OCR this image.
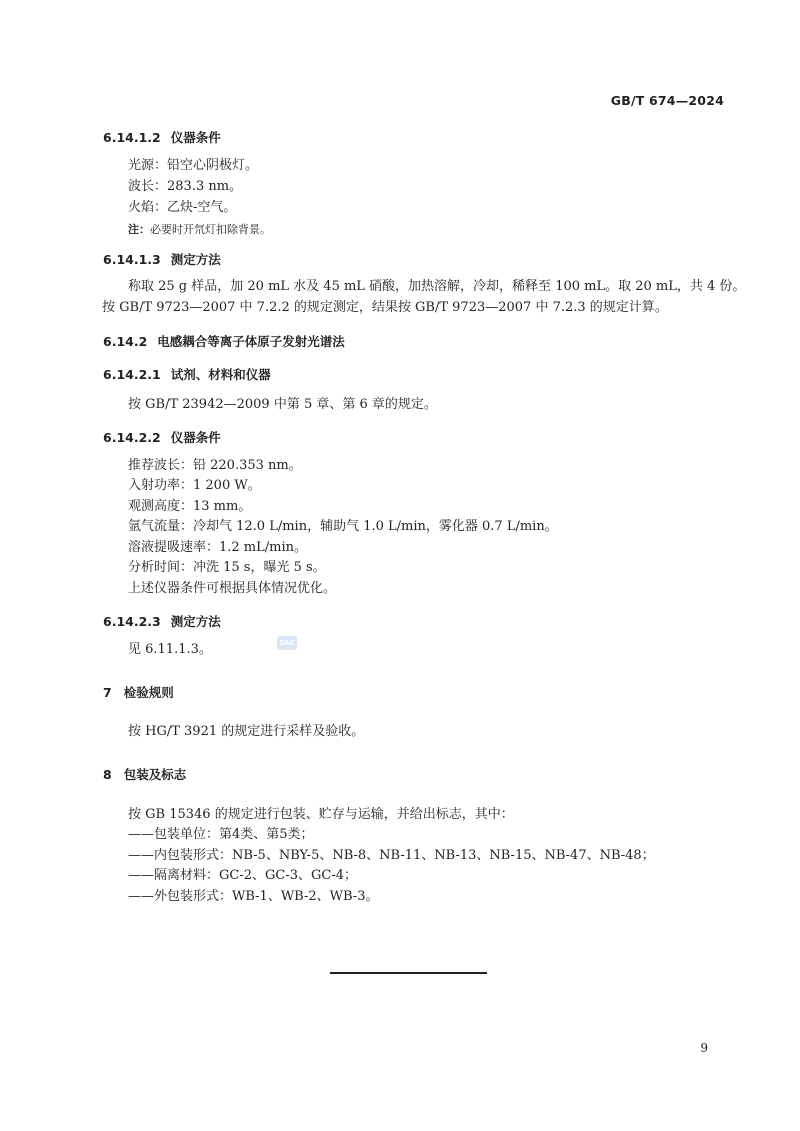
GB/T 674—2024
6.14.1.2 仪器条件
光源：铅空心阴极灯。
波长：283.3 nm。
火焰：乙炔-空气。
注：必要时开氘灯扣除背景。
6.14.1.3 测定方法
称取 25 g 样品，加 20 mL 水及 45 mL 硝酸，加热溶解，冷却，稀释至 100 mL。取 20 mL，共 4 份。
按 GB/T 9723—2007 中 7.2.2 的规定测定，结果按 GB/T 9723—2007 中 7.2.3 的规定计算。
6.14.2 电感耦合等离子体原子发射光谱法
6.14.2.1 试剂、材料和仪器
按 GB/T 23942—2009 中第 5 章、第 6 章的规定。
6.14.2.2 仪器条件
推荐波长：铅 220.353 nm。
入射功率：1 200 W。
观测高度：13 mm。
氩气流量：冷却气 12.0 L/min，辅助气 1.0 L/min，雾化器 0.7 L/min。
溶液提吸速率：1.2 mL/min。
分析时间：冲洗 15 s，曝光 5 s。
上述仪器条件可根据具体情况优化。
6.14.2.3 测定方法
见 6.11.1.3。	SAC
7 检验规则
按 HG/T 3921 的规定进行采样及验收。
8 包装及标志
按 GB 15346 的规定进行包装、贮存与运输，并给出标志，其中：
——包装单位：第4类、第5类；
——内包装形式：NB-5、NBY-5、NB-8、NB-11、NB-13、NB-15、NB-47、NB-48；
——隔离材料：GC-2、GC-3、GC-4；
——外包装形式：WB-1、WB-2、WB-3。
9
